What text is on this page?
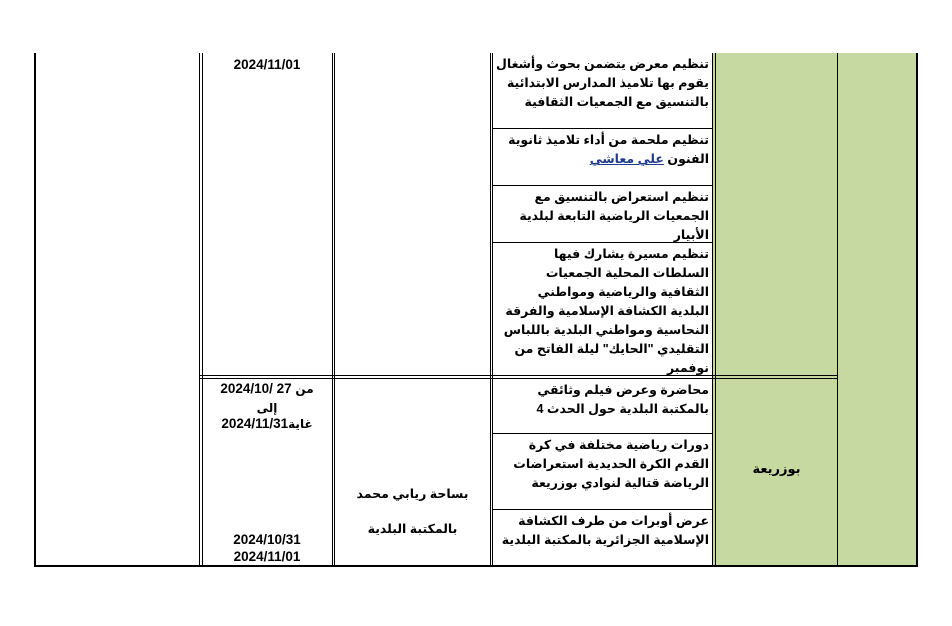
تنظيم معرض يتضمن بحوث وأشغال يقوم بها تلاميذ المدارس الابتدائية بالتنسيق مع الجمعيات الثقافية
تنظيم ملحمة من أداء تلاميذ ثانوية الفنون علي معاشي
تنظيم استعراض بالتنسيق مع الجمعيات الرياضية التابعة لبلدية الأبيار
تنظيم مسيرة يشارك فيها السلطات المحلية الجمعيات الثقافية والرياضية ومواطني البلدية الكشافة الإسلامية والفرقة النحاسية ومواطني البلدية باللباس التقليدي "الحايك" ليلة الفاتح من نوفمبر
2024/11/01
محاضرة وعرض فيلم وثائقي بالمكتبة البلدية حول الحدث 4
دورات رياضية مختلفة في كرة القدم الكرة الحديدية استعراضات الرياضة قتالية لنوادي بوزريعة
عرض أوبرات من طرف الكشافة الإسلامية الجزائرية بالمكتبة البلدية
بوزريعة
بساحة ريابي محمد
بالمكتبة البلدية
2024/10/ 27 من
إلى
2024/11/31غاية
2024/10/31
2024/11/01
